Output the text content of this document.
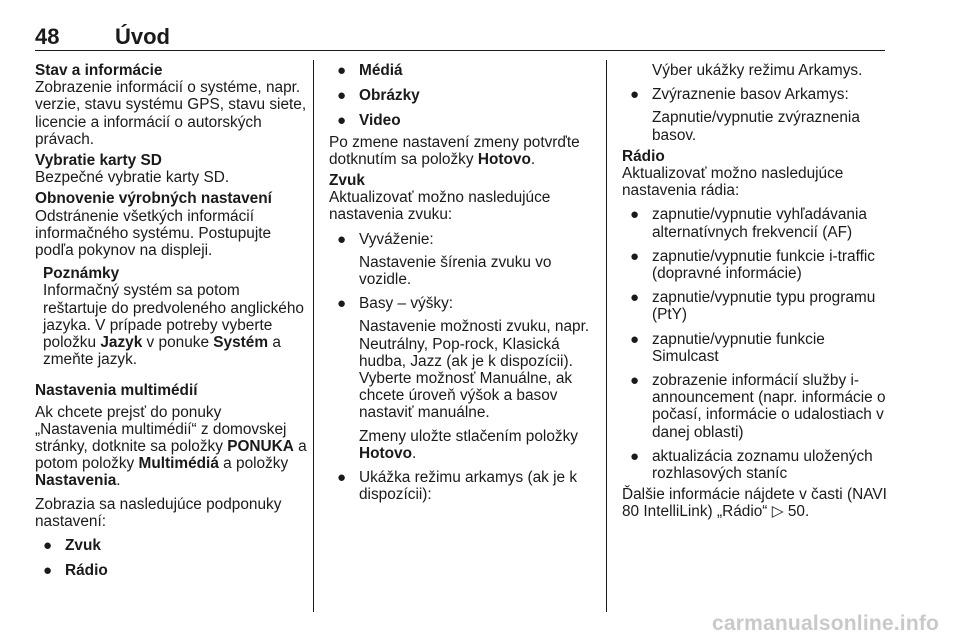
48	Úvod

Stav a informácie

Zobrazenie informácií o systéme, napr. verzie, stavu systému GPS, stavu siete, licencie a informácií o autorských právach.

Vybratie karty SD

Bezpečné vybratie karty SD.

Obnovenie výrobných nastavení

Odstránenie všetkých informácií informačného systému. Postupujte podľa pokynov na displeji.

Poznámky

Informačný systém sa potom reštartuje do predvoleného anglického jazyka. V prípade potreby vyberte položku Jazyk v ponuke Systém a zmeňte jazyk.

Nastavenia multimédií

Ak chcete prejsť do ponuky „Nastavenia multimédií“ z domovskej stránky, dotknite sa položky PONUKA a potom položky Multimédiá a položky Nastavenia.

Zobrazia sa nasledujúce podponuky nastavení:

● Zvuk
● Rádio
● Médiá
● Obrázky
● Video

Po zmene nastavení zmeny potvrďte dotknutím sa položky Hotovo.

Zvuk

Aktualizovať možno nasledujúce nastavenia zvuku:

● Vyváženie:

Nastavenie šírenia zvuku vo vozidle.

● Basy – výšky:

Nastavenie možnosti zvuku, napr. Neutrálny, Pop-rock, Klasická hudba, Jazz (ak je k dispozícii). Vyberte možnosť Manuálne, ak chcete úroveň výšok a basov nastaviť manuálne.

Zmeny uložte stlačením položky Hotovo.

● Ukážka režimu arkamys (ak je k dispozícii):

Výber ukážky režimu Arkamys.

● Zvýraznenie basov Arkamys:

Zapnutie/vypnutie zvýraznenia basov.

Rádio

Aktualizovať možno nasledujúce nastavenia rádia:

● zapnutie/vypnutie vyhľadávania alternatívnych frekvencií (AF)
● zapnutie/vypnutie funkcie i-traffic (dopravné informácie)
● zapnutie/vypnutie typu programu (PtY)
● zapnutie/vypnutie funkcie Simulcast
● zobrazenie informácií služby i-announcement (napr. informácie o počasí, informácie o udalostiach v danej oblasti)
● aktualizácia zoznamu uložených rozhlasových staníc

Ďalšie informácie nájdete v časti (NAVI 80 IntelliLink) „Rádio“ ▷ 50.

carmanualsonline.info
